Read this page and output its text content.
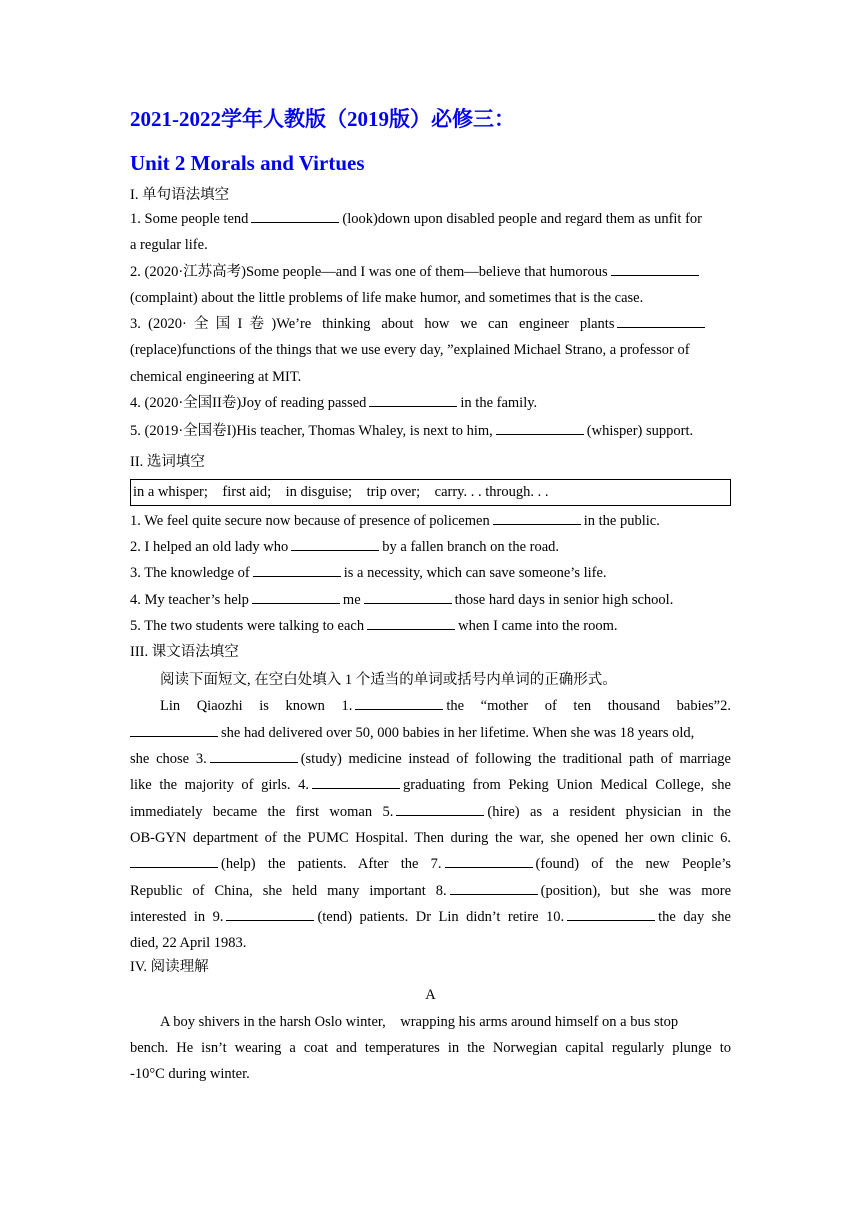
2021-2022学年人教版（2019版）必修三：
Unit 2 Morals and Virtues
I. 单句语法填空
1. Some people tend	(look)down upon disabled people and regard them as unfit for
a regular life.
2. (2020·江苏高考)Some people—and I was one of them—believe that humorous
(complaint) about the little problems of life make humor, and sometimes that is the case.
3.  (2020·  全  国  I  卷  )We’re   thinking   about   how   we   can   engineer   plants
(replace)functions of the things that we use every day, ”explained Michael Strano, a professor of
chemical engineering at MIT.
4. (2020·全国II卷)Joy of reading passed	in the family.
5. (2019·全国卷I)His teacher, Thomas Whaley, is next to him,	(whisper) support.
II. 选词填空
in a whisper;    first aid;    in disguise;    trip over;    carry. . . through. . .
1. We feel quite secure now because of presence of policemen	in the public.
2. I helped an old lady who	by a fallen branch on the road.
3. The knowledge of	is a necessity, which can save someone’s life.
4. My teacher’s help	me	those hard days in senior high school.
5. The two students were talking to each	when I came into the room.
III. 课文语法填空
阅读下面短文, 在空白处填入 1 个适当的单词或括号内单词的正确形式。
Lin Qiaozhi is known 1.	the “mother of ten thousand babies”2.
she had delivered over 50, 000 babies in her lifetime. When she was 18 years old,
she chose 3.	(study) medicine instead of following the traditional path of marriage
like the majority of girls. 4.	graduating from Peking Union Medical College, she
immediately became the first woman 5.	(hire) as a resident physician in the
OB-GYN department of the PUMC Hospital. Then during the war, she opened her own clinic 6.
(help) the patients. After the 7.	(found) of the new People’s
Republic of China, she held many important 8.	(position), but she was more
interested in 9.	(tend) patients. Dr Lin didn’t retire 10.	the day she
died, 22 April 1983.
IV. 阅读理解
A
A boy shivers in the harsh Oslo winter,    wrapping his arms around himself on a bus stop
bench. He isn’t wearing a coat and temperatures in the Norwegian capital regularly plunge to
-10°C during winter.
